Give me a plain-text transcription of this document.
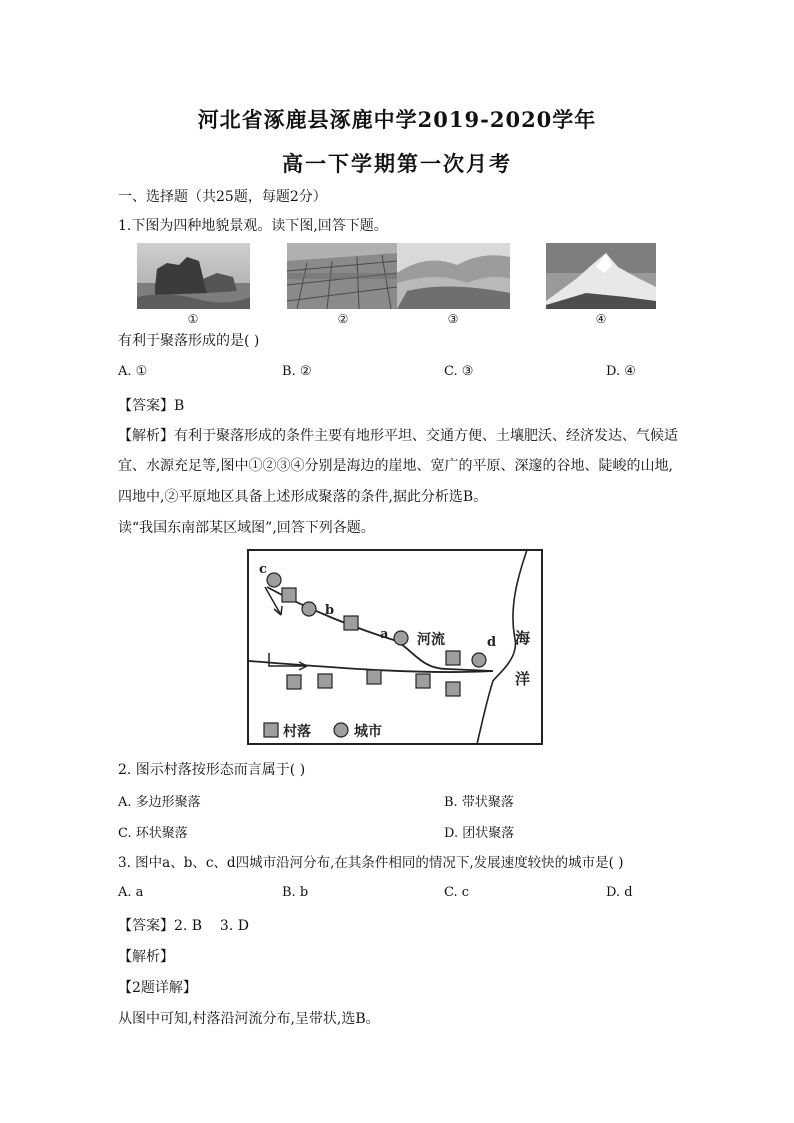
河北省涿鹿县涿鹿中学2019-2020学年
高一下学期第一次月考
一、选择题（共25题，每题2分）
1.下图为四种地貌景观。读下图,回答下题。
①	②	③	④
有利于聚落形成的是( )
A. ①	B. ②	C. ③	D. ④
【答案】B
【解析】有利于聚落形成的条件主要有地形平坦、交通方便、土壤肥沃、经济发达、气候适
宜、水源充足等,图中①②③④分别是海边的崖地、宽广的平原、深邃的谷地、陡峻的山地,
四地中,②平原地区具备上述形成聚落的条件,据此分析选B。
读“我国东南部某区域图”,回答下列各题。
c
b
a
d
河流	海
洋
村落	城市
2. 图示村落按形态而言属于( )
A. 多边形聚落	B. 带状聚落
C. 环状聚落	D. 团状聚落
3. 图中a、b、c、d四城市沿河分布,在其条件相同的情况下,发展速度较快的城市是( )
A. a	B. b	C. c	D. d
【答案】2. B    3. D
【解析】
【2题详解】
从图中可知,村落沿河流分布,呈带状,选B。
